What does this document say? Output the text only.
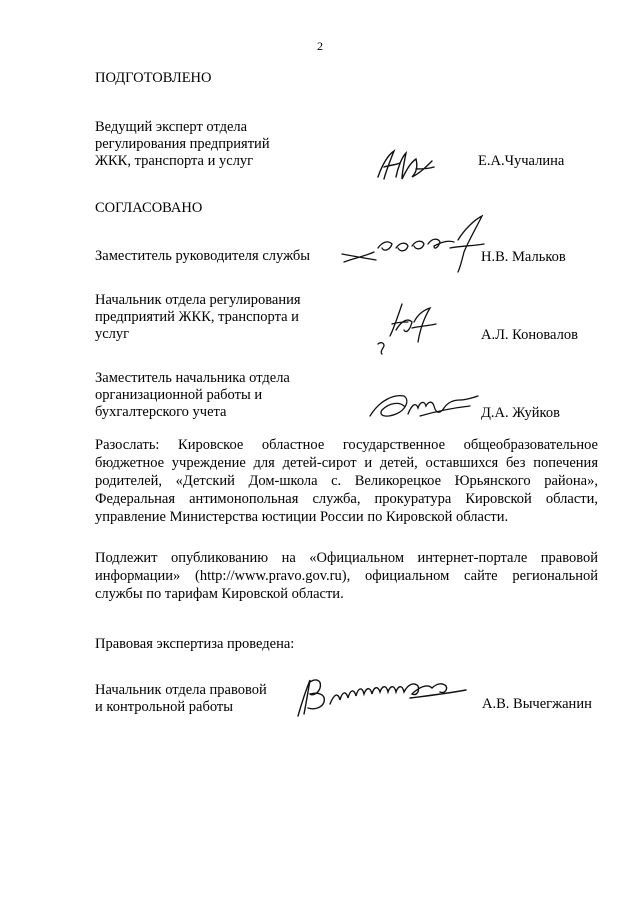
2
ПОДГОТОВЛЕНО
Ведущий эксперт отдела
регулирования предприятий
ЖКК, транспорта и услуг	Е.А.Чучалина
СОГЛАСОВАНО
Заместитель руководителя службы	Н.В. Мальков
Начальник отдела регулирования
предприятий ЖКК, транспорта и
услуг	А.Л. Коновалов
Заместитель начальника отдела
организационной работы и
бухгалтерского учета	Д.А. Жуйков
Разослать: Кировское областное государственное общеобразовательное
бюджетное учреждение для детей-сирот и детей, оставшихся без попечения
родителей, «Детский Дом-школа с. Великорецкое Юрьянского района»,
Федеральная антимонопольная служба, прокуратура Кировской области,
управление Министерства юстиции России по Кировской области.
Подлежит опубликованию на «Официальном интернет-портале правовой
информации» (http://www.pravo.gov.ru), официальном сайте региональной
службы по тарифам Кировской области.
Правовая экспертиза проведена:
Начальник отдела правовой
и контрольной работы	А.В. Вычегжанин
